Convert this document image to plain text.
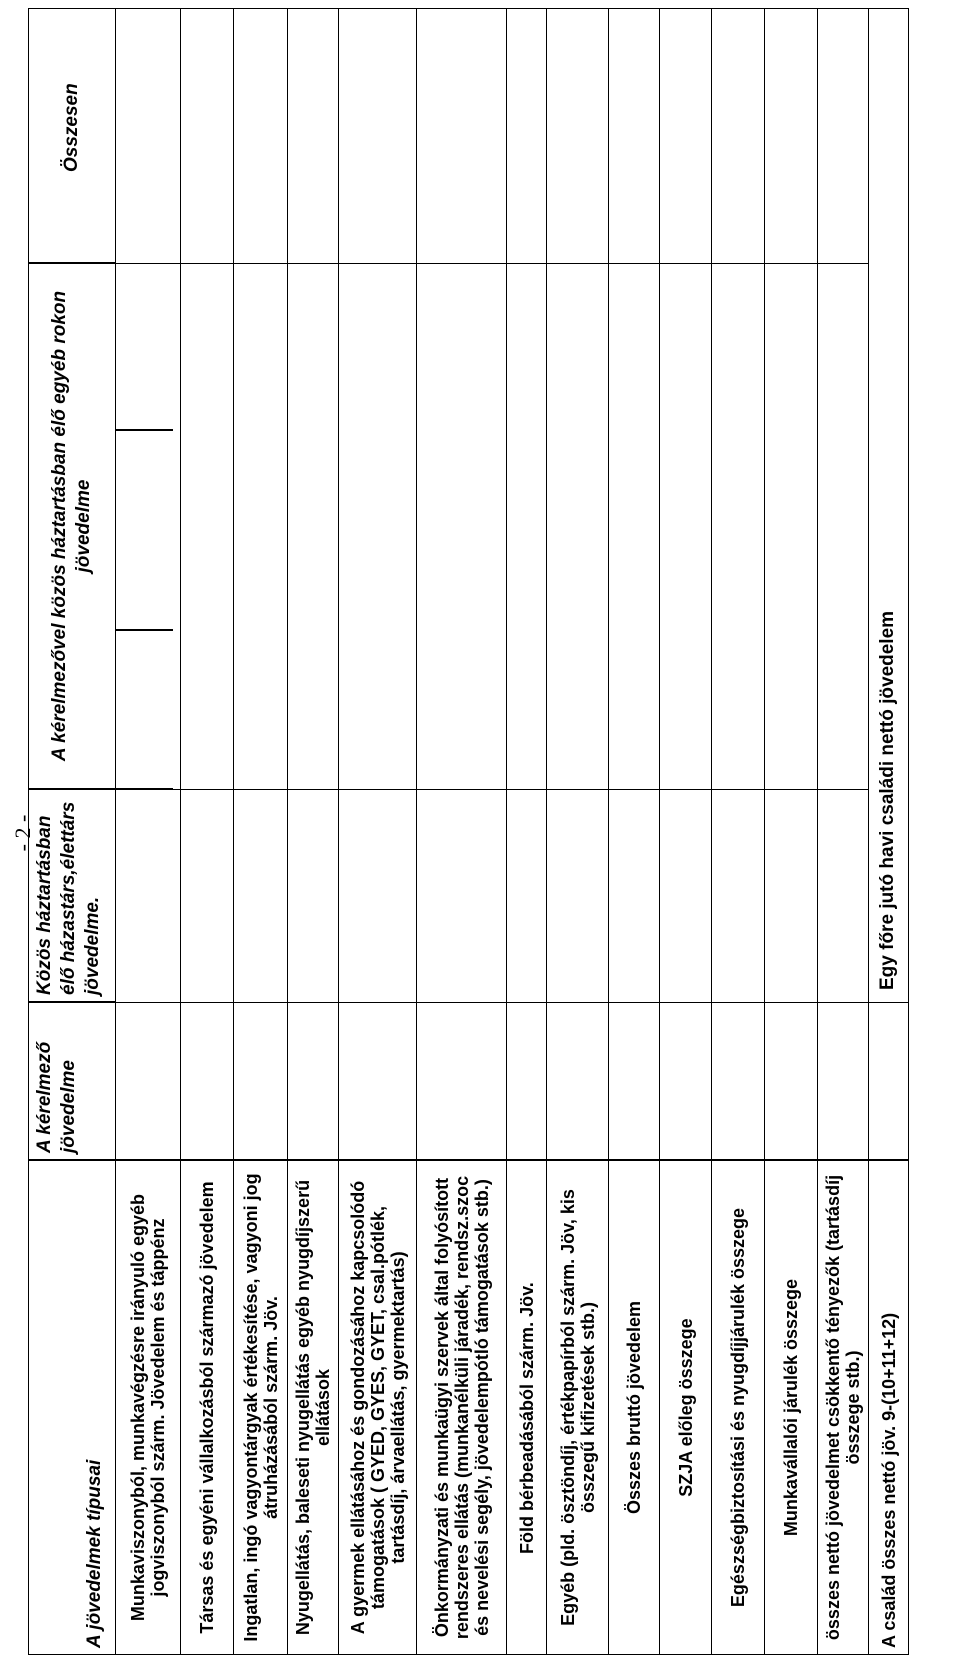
- 2 -
A jövedelmek típusai
A kérelmező jövedelme
Közös háztartásban élő házastárs,élettárs jövedelme.
A kérelmezővel közös háztartásban élő egyéb rokon jövedelme
Összesen
Munkaviszonyból, munkavégzésre irányuló egyéb jogviszonyból szárm. Jövedelem és táppénz Társas és egyéni vállalkozásból származó jövedelem Ingatlan, ingó vagyontárgyak értékesítése, vagyoni jog átruházásából szárm. Jöv. Nyugellátás, baleseti nyugellátás egyéb nyugdíjszerű ellátások A gyermek ellátásához és gondozásához kapcsolódó támogatások ( GYED, GYES, GYET, csal.pótlék, tartásdíj, árvaellátás, gyermektartás) Önkormányzati és munkaügyi szervek által folyósított rendszeres ellátás (munkanélküli járadék, rendsz.szoc és nevelési segély, jövedelempótló támogatások stb.) Föld bérbeadásából szárm. Jöv. Egyéb (pld. ösztöndíj, értékpapírból szárm. Jöv, kis összegű kifizetések stb.) Összes bruttó jövedelem SZJA előleg összege Egészségbiztosítási és nyugdíjjárulék összege Munkavállalói járulék összege összes nettó jövedelmet csökkentő tényezők (tartásdíj összege stb.) A család összes nettó jöv. 9-(10+11+12)
Egy főre jutó havi családi nettó jövedelem
